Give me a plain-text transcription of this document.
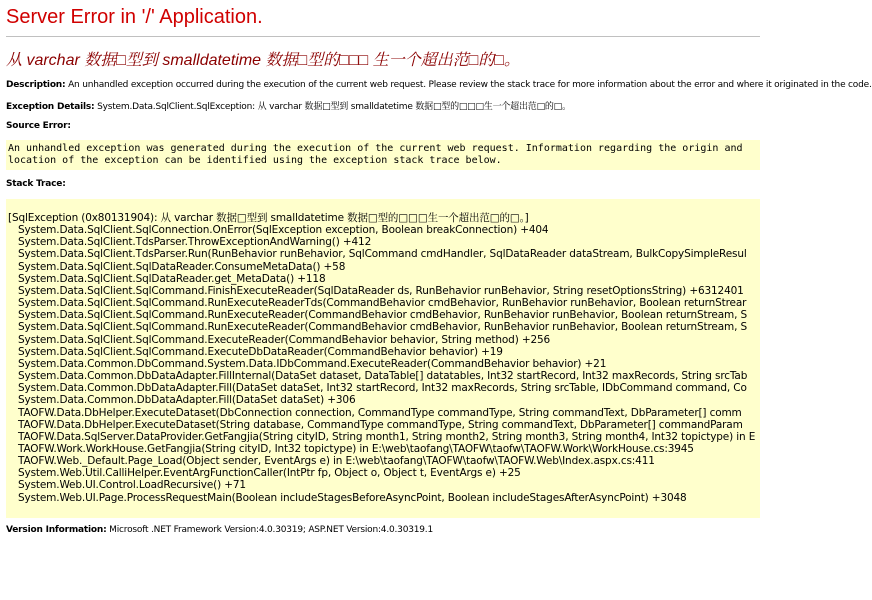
Server Error in '/' Application.
从 varchar 数据□型到 smalldatetime 数据□型的□□□ 生一个超出范□的□。
Description: An unhandled exception occurred during the execution of the current web request. Please review the stack trace for more information about the error and where it originated in the code.
Exception Details: System.Data.SqlClient.SqlException: 从 varchar 数据□型到 smalldatetime 数据□型的□□□生一个超出范□的□。
Source Error:
An unhandled exception was generated during the execution of the current web request. Information regarding the origin and
location of the exception can be identified using the exception stack trace below.
Stack Trace:
[SqlException (0x80131904): 从 varchar 数据□型到 smalldatetime 数据□型的□□□生一个超出范□的□。]
System.Data.SqlClient.SqlConnection.OnError(SqlException exception, Boolean breakConnection) +404
System.Data.SqlClient.TdsParser.ThrowExceptionAndWarning() +412
System.Data.SqlClient.TdsParser.Run(RunBehavior runBehavior, SqlCommand cmdHandler, SqlDataReader dataStream, BulkCopySimpleResul
System.Data.SqlClient.SqlDataReader.ConsumeMetaData() +58
System.Data.SqlClient.SqlDataReader.get_MetaData() +118
System.Data.SqlClient.SqlCommand.FinishExecuteReader(SqlDataReader ds, RunBehavior runBehavior, String resetOptionsString) +6312401
System.Data.SqlClient.SqlCommand.RunExecuteReaderTds(CommandBehavior cmdBehavior, RunBehavior runBehavior, Boolean returnStrear
System.Data.SqlClient.SqlCommand.RunExecuteReader(CommandBehavior cmdBehavior, RunBehavior runBehavior, Boolean returnStream, S
System.Data.SqlClient.SqlCommand.RunExecuteReader(CommandBehavior cmdBehavior, RunBehavior runBehavior, Boolean returnStream, S
System.Data.SqlClient.SqlCommand.ExecuteReader(CommandBehavior behavior, String method) +256
System.Data.SqlClient.SqlCommand.ExecuteDbDataReader(CommandBehavior behavior) +19
System.Data.Common.DbCommand.System.Data.IDbCommand.ExecuteReader(CommandBehavior behavior) +21
System.Data.Common.DbDataAdapter.FillInternal(DataSet dataset, DataTable[] datatables, Int32 startRecord, Int32 maxRecords, String srcTab
System.Data.Common.DbDataAdapter.Fill(DataSet dataSet, Int32 startRecord, Int32 maxRecords, String srcTable, IDbCommand command, Co
System.Data.Common.DbDataAdapter.Fill(DataSet dataSet) +306
TAOFW.Data.DbHelper.ExecuteDataset(DbConnection connection, CommandType commandType, String commandText, DbParameter[] comm
TAOFW.Data.DbHelper.ExecuteDataset(String database, CommandType commandType, String commandText, DbParameter[] commandParam
TAOFW.Data.SqlServer.DataProvider.GetFangjia(String cityID, String month1, String month2, String month3, String month4, Int32 topictype) in E
TAOFW.Work.WorkHouse.GetFangjia(String cityID, Int32 topictype) in E:\web\taofang\TAOFW\taofw\TAOFW.Work\WorkHouse.cs:3945
TAOFW.Web._Default.Page_Load(Object sender, EventArgs e) in E:\web\taofang\TAOFW\taofw\TAOFW.Web\Index.aspx.cs:411
System.Web.Util.CalliHelper.EventArgFunctionCaller(IntPtr fp, Object o, Object t, EventArgs e) +25
System.Web.UI.Control.LoadRecursive() +71
System.Web.UI.Page.ProcessRequestMain(Boolean includeStagesBeforeAsyncPoint, Boolean includeStagesAfterAsyncPoint) +3048
Version Information: Microsoft .NET Framework Version:4.0.30319; ASP.NET Version:4.0.30319.1
